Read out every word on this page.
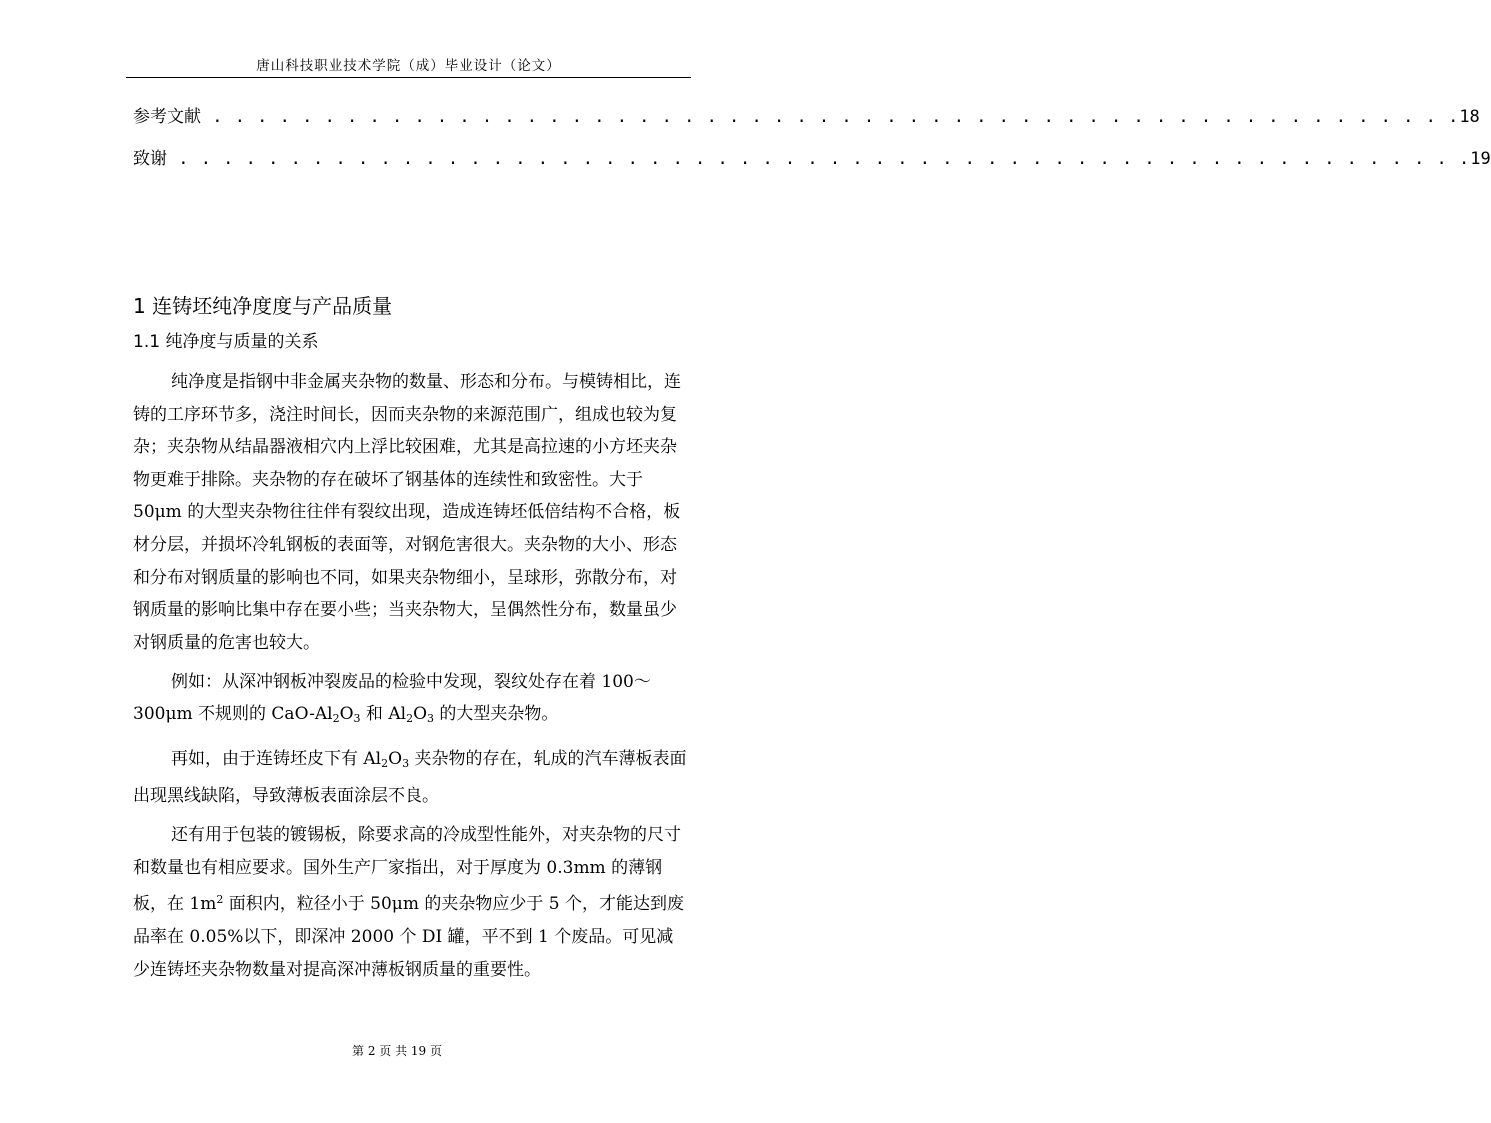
唐山科技职业技术学院（成）毕业设计（论文）
参考文献 . . . . . . . . . . . . . . . . . . . . . . . . . . . . . . . . . . . . . . . . . . . . . . . . . . . . . . . . 18
致谢 . . . . . . . . . . . . . . . . . . . . . . . . . . . . . . . . . . . . . . . . . . . . . . . . . . . . . . . . . . 19
1 连铸坯纯净度度与产品质量
1.1 纯净度与质量的关系

纯净度是指钢中非金属夹杂物的数量、形态和分布。与模铸相比，连铸的工序环节多，浇注时间长，因而夹杂物的来源范围广，组成也较为复杂；夹杂物从结晶器液相穴内上浮比较困难，尤其是高拉速的小方坯夹杂物更难于排除。夹杂物的存在破坏了钢基体的连续性和致密性。大于 50μm 的大型夹杂物往往伴有裂纹出现，造成连铸坯低倍结构不合格，板材分层，并损坏冷轧钢板的表面等，对钢危害很大。夹杂物的大小、形态和分布对钢质量的影响也不同，如果夹杂物细小，呈球形，弥散分布，对钢质量的影响比集中存在要小些；当夹杂物大，呈偶然性分布，数量虽少对钢质量的危害也较大。

例如：从深冲钢板冲裂废品的检验中发现，裂纹处存在着 100～300μm 不规则的 CaO-$Al_2O_3$ 和 $Al_2O_3$ 的大型夹杂物。

再如，由于连铸坯皮下有 $Al_2O_3$ 夹杂物的存在，轧成的汽车薄板表面出现黑线缺陷，导致薄板表面涂层不良。

还有用于包装的镀锡板，除要求高的冷成型性能外，对夹杂物的尺寸和数量也有相应要求。国外生产厂家指出，对于厚度为 0.3mm 的薄钢板，在 $1m^2$ 面积内，粒径小于 50μm 的夹杂物应少于 5 个，才能达到废品率在 0.05%以下，即深冲 2000 个 DI 罐，平不到 1 个废品。可见减少连铸坯夹杂物数量对提高深冲薄板钢质量的重要性。

第 2 页 共 19 页
